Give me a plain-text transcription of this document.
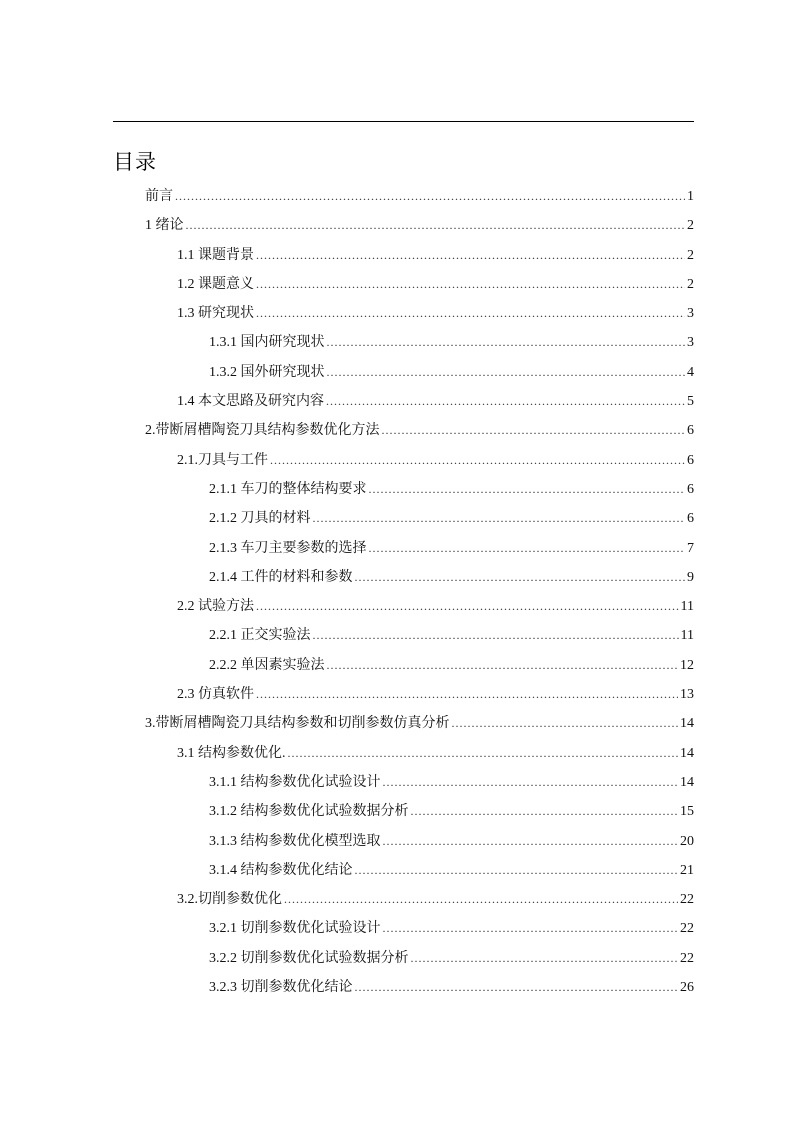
目录
前言 .....	1
1 绪论 .....	2
1.1 课题背景 .....	2
1.2 课题意义 .....	2
1.3 研究现状 .....	3
1.3.1 国内研究现状 .....	3
1.3.2 国外研究现状 .....	4
1.4 本文思路及研究内容 .....	5
2.带断屑槽陶瓷刀具结构参数优化方法 .....	6
2.1.刀具与工件 .....	6
2.1.1 车刀的整体结构要求 .....	6
2.1.2 刀具的材料 .....	6
2.1.3 车刀主要参数的选择 .....	7
2.1.4 工件的材料和参数 .....	9
2.2 试验方法 .....	11
2.2.1 正交实验法 .....	11
2.2.2 单因素实验法 .....	12
2.3 仿真软件 .....	13
3.带断屑槽陶瓷刀具结构参数和切削参数仿真分析 .....	14
3.1 结构参数优化. .....	14
3.1.1 结构参数优化试验设计 .....	14
3.1.2 结构参数优化试验数据分析 .....	15
3.1.3 结构参数优化模型选取 .....	20
3.1.4 结构参数优化结论 .....	21
3.2.切削参数优化 .....	22
3.2.1 切削参数优化试验设计 .....	22
3.2.2 切削参数优化试验数据分析 .....	22
3.2.3 切削参数优化结论 .....	26
